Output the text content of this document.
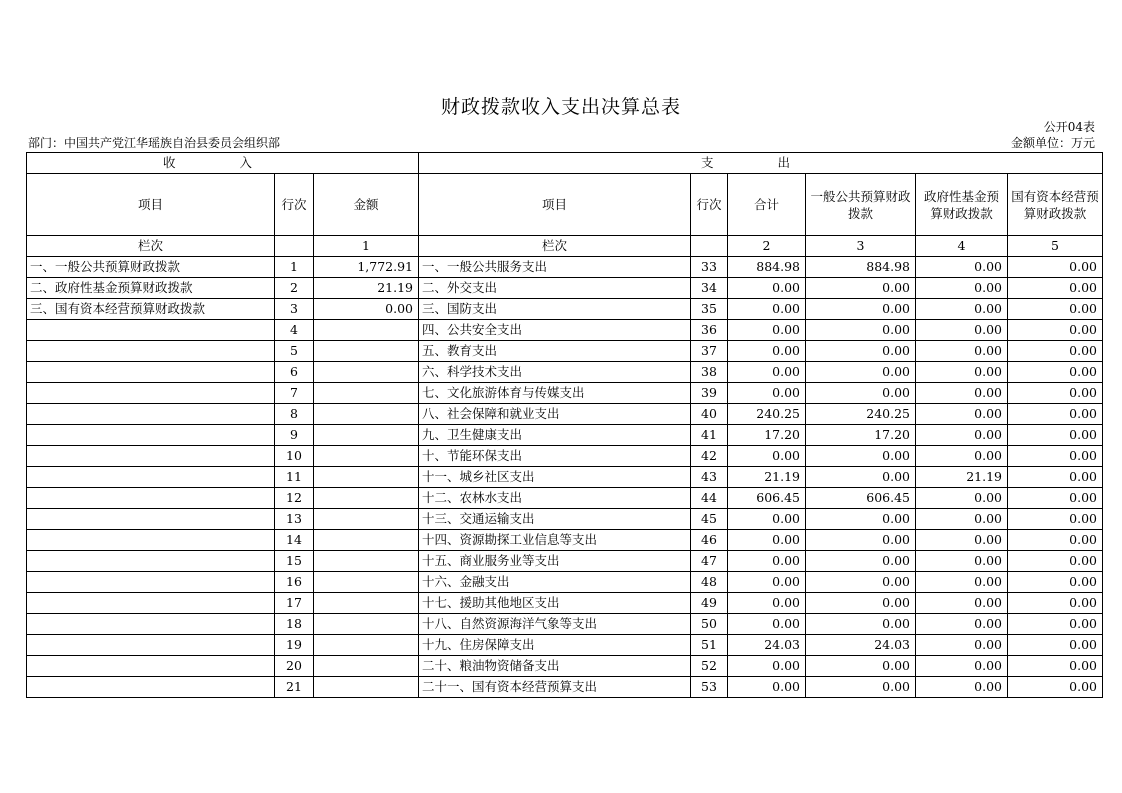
财政拨款收入支出决算总表
公开04表
部门：中国共产党江华瑶族自治县委员会组织部	金额单位：万元
收 入			支 出					
项目	行次	金额	项目	行次	合计	一般公共预算财政拨款	政府性基金预算财政拨款	国有资本经营预算财政拨款
栏次		1	栏次		2	3	4	5
一、一般公共预算财政拨款	1	1,772.91	一、一般公共服务支出	33	884.98	884.98	0.00	0.00
二、政府性基金预算财政拨款	2	21.19	二、外交支出	34	0.00	0.00	0.00	0.00
三、国有资本经营预算财政拨款	3	0.00	三、国防支出	35	0.00	0.00	0.00	0.00
	4		四、公共安全支出	36	0.00	0.00	0.00	0.00
	5		五、教育支出	37	0.00	0.00	0.00	0.00
	6		六、科学技术支出	38	0.00	0.00	0.00	0.00
	7		七、文化旅游体育与传媒支出	39	0.00	0.00	0.00	0.00
	8		八、社会保障和就业支出	40	240.25	240.25	0.00	0.00
	9		九、卫生健康支出	41	17.20	17.20	0.00	0.00
	10		十、节能环保支出	42	0.00	0.00	0.00	0.00
	11		十一、城乡社区支出	43	21.19	0.00	21.19	0.00
	12		十二、农林水支出	44	606.45	606.45	0.00	0.00
	13		十三、交通运输支出	45	0.00	0.00	0.00	0.00
	14		十四、资源勘探工业信息等支出	46	0.00	0.00	0.00	0.00
	15		十五、商业服务业等支出	47	0.00	0.00	0.00	0.00
	16		十六、金融支出	48	0.00	0.00	0.00	0.00
	17		十七、援助其他地区支出	49	0.00	0.00	0.00	0.00
	18		十八、自然资源海洋气象等支出	50	0.00	0.00	0.00	0.00
	19		十九、住房保障支出	51	24.03	24.03	0.00	0.00
	20		二十、粮油物资储备支出	52	0.00	0.00	0.00	0.00
	21		二十一、国有资本经营预算支出	53	0.00	0.00	0.00	0.00
